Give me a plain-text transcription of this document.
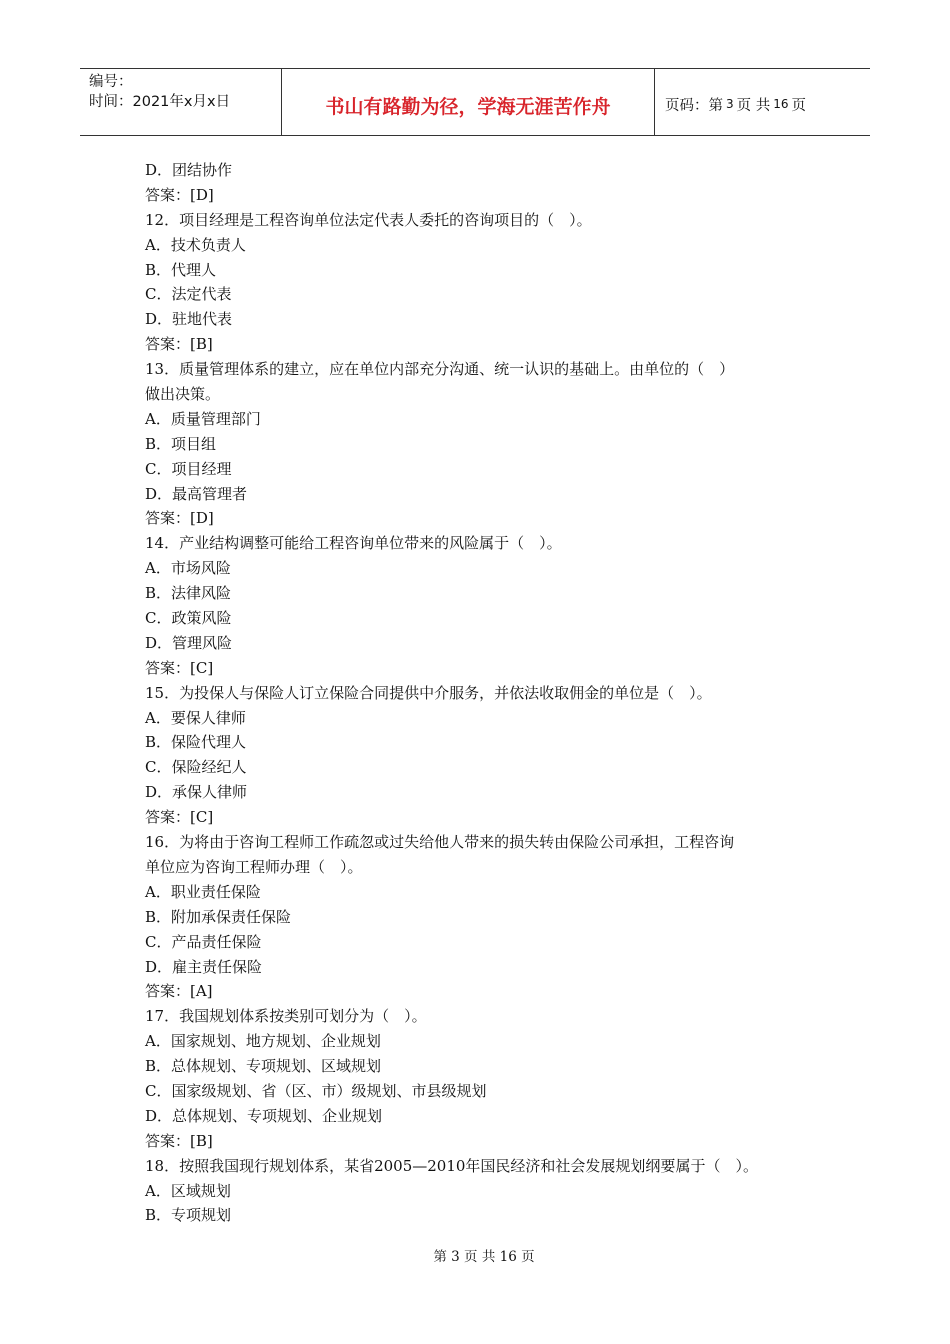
编号：
时间：2021年x月x日	书山有路勤为径，学海无涯苦作舟	页码：第 3 页 共 16 页
D．团结协作
答案：[D]
12．项目经理是工程咨询单位法定代表人委托的咨询项目的（　）。
A．技术负责人
B．代理人
C．法定代表
D．驻地代表
答案：[B]
13．质量管理体系的建立，应在单位内部充分沟通、统一认识的基础上。由单位的（　）
做出决策。
A．质量管理部门
B．项目组
C．项目经理
D．最高管理者
答案：[D]
14．产业结构调整可能给工程咨询单位带来的风险属于（　）。
A．市场风险
B．法律风险
C．政策风险
D．管理风险
答案：[C]
15．为投保人与保险人订立保险合同提供中介服务，并依法收取佣金的单位是（　）。
A．要保人律师
B．保险代理人
C．保险经纪人
D．承保人律师
答案：[C]
16．为将由于咨询工程师工作疏忽或过失给他人带来的损失转由保险公司承担，工程咨询
单位应为咨询工程师办理（　）。
A．职业责任保险
B．附加承保责任保险
C．产品责任保险
D．雇主责任保险
答案：[A]
17．我国规划体系按类别可划分为（　）。
A．国家规划、地方规划、企业规划
B．总体规划、专项规划、区域规划
C．国家级规划、省（区、市）级规划、市县级规划
D．总体规划、专项规划、企业规划
答案：[B]
18．按照我国现行规划体系，某省2005—2010年国民经济和社会发展规划纲要属于（　）。
A．区域规划
B．专项规划
第 3 页 共 16 页
